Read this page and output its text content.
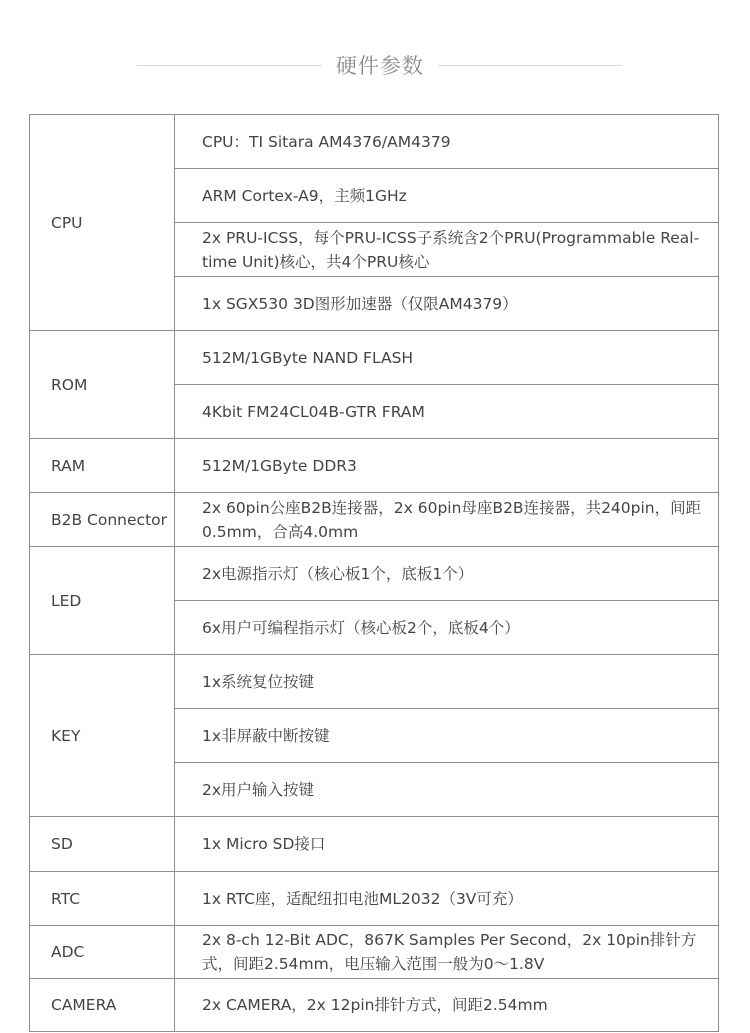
硬件参数
CPU	CPU：TI Sitara AM4376/AM4379
	ARM Cortex-A9，主频1GHz
	2x PRU-ICSS，每个PRU-ICSS子系统含2个PRU(Programmable Real-time Unit)核心，共4个PRU核心
	1x SGX530 3D图形加速器（仅限AM4379）
ROM	512M/1GByte NAND FLASH
	4Kbit FM24CL04B-GTR FRAM
RAM	512M/1GByte DDR3
B2B Connector	2x 60pin公座B2B连接器，2x 60pin母座B2B连接器，共240pin，间距0.5mm，合高4.0mm
LED	2x电源指示灯（核心板1个，底板1个）
	6x用户可编程指示灯（核心板2个，底板4个）
KEY	1x系统复位按键
	1x非屏蔽中断按键
	2x用户输入按键
SD	1x Micro SD接口
RTC	1x RTC座，适配纽扣电池ML2032（3V可充）
ADC	2x 8-ch 12-Bit ADC，867K Samples Per Second，2x 10pin排针方式，间距2.54mm，电压输入范围一般为0～1.8V
CAMERA	2x CAMERA，2x 12pin排针方式，间距2.54mm
